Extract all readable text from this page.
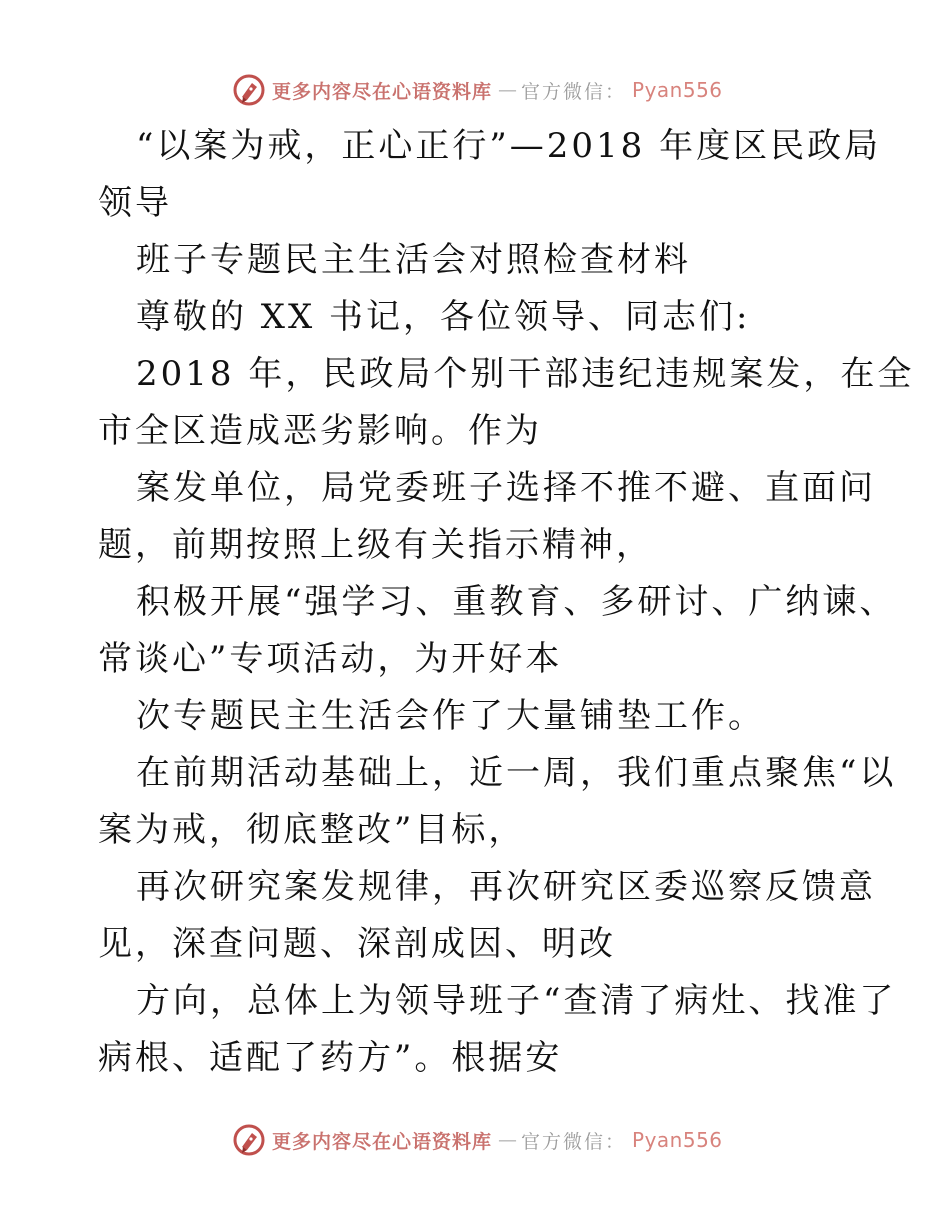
更多内容尽在心语资料库 — 官方微信： Pyan556
“以案为戒，正心正行”—2018 年度区民政局
领导
班子专题民主生活会对照检查材料
尊敬的 XX 书记，各位领导、同志们:
2018 年，民政局个别干部违纪违规案发，在全
市全区造成恶劣影响。作为
案发单位，局党委班子选择不推不避、直面问
题，前期按照上级有关指示精神，
积极开展“强学习、重教育、多研讨、广纳谏、
常谈心”专项活动，为开好本
次专题民主生活会作了大量铺垫工作。
在前期活动基础上，近一周，我们重点聚焦“以
案为戒，彻底整改”目标，
再次研究案发规律，再次研究区委巡察反馈意
见，深查问题、深剖成因、明改
方向，总体上为领导班子“查清了病灶、找准了
病根、适配了药方”。根据安
更多内容尽在心语资料库 — 官方微信： Pyan556
